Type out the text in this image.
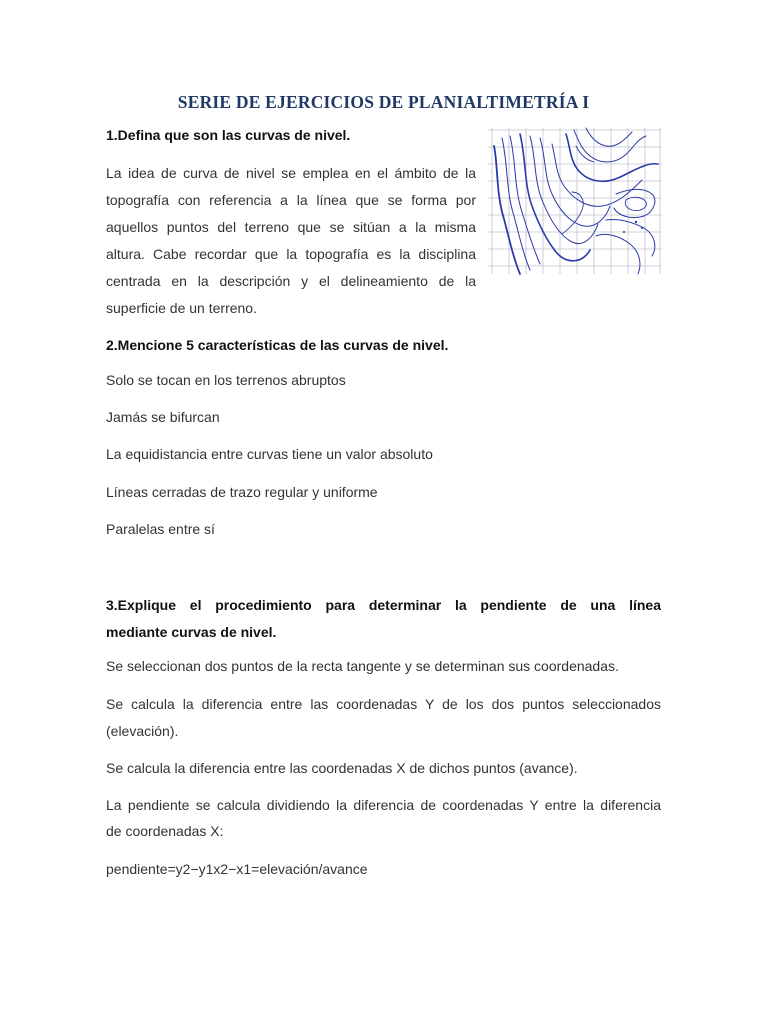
SERIE DE EJERCICIOS DE PLANIALTIMETRÍA I
1.Defina que son las curvas de nivel.
La idea de curva de nivel se emplea en el ámbito de la
topografía con referencia a la línea que se forma por
aquellos puntos del terreno que se sitúan a la misma
altura. Cabe recordar que la topografía es la disciplina
centrada en la descripción y el delineamiento de la
superficie de un terreno.
2.Mencione 5 características de las curvas de nivel.
Solo se tocan en los terrenos abruptos
Jamás se bifurcan
La equidistancia entre curvas tiene un valor absoluto
Líneas cerradas de trazo regular y uniforme
Paralelas entre sí
3.Explique el procedimiento para determinar la pendiente de una línea
mediante curvas de nivel.
Se seleccionan dos puntos de la recta tangente y se determinan sus coordenadas.
Se calcula la diferencia entre las coordenadas Y de los dos puntos seleccionados
(elevación).
Se calcula la diferencia entre las coordenadas X de dichos puntos (avance).
La pendiente se calcula dividiendo la diferencia de coordenadas Y entre la diferencia
de coordenadas X:
pendiente=y2−y1x2−x1=elevación/avance
